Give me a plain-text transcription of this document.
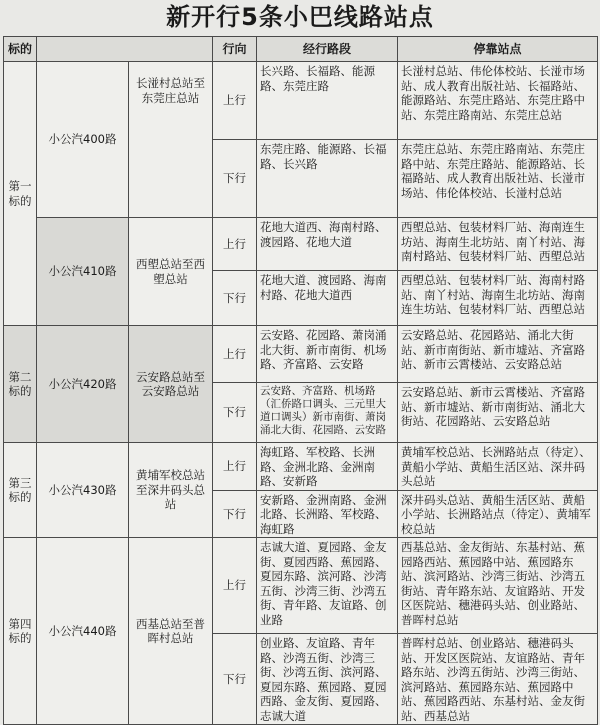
新开行5条小巴线路站点
标的			行向	经行路段	停靠站点
第一标的	小公汽400路	长湴村总站至东莞庄总站	上行	长兴路、长福路、能源路、东莞庄路	长湴村总站、伟伦体校站、长湴市场站、成人教育出版社站、长福路站、能源路站、东莞庄路站、东莞庄路中站、东莞庄路南站、东莞庄总站
			下行	东莞庄路、能源路、长福路、长兴路	东莞庄总站、东莞庄路南站、东莞庄路中站、东莞庄路站、能源路站、长福路站、成人教育出版社站、长湴市场站、伟伦体校站、长湴村总站
	小公汽410路	西塱总站至西塱总站	上行	花地大道西、海南村路、渡园路、花地大道	西塱总站、包装材料厂站、海南连生坊站、海南生北坊站、南丫村站、海南村路站、包装材料厂站、西塱总站
			下行	花地大道、渡园路、海南村路、花地大道西	西塱总站、包装材料厂站、海南村路站、南丫村站、海南生北坊站、海南连生坊站、包装材料厂站、西塱总站
第二标的	小公汽420路	云安路总站至云安路总站	上行	云安路、花园路、萧岗涌北大街、新市南街、机场路、齐富路、云安路	云安路总站、花园路站、涌北大街站、新市南街站、新市墟站、齐富路站、新市云霄楼站、云安路总站
			下行	云安路、齐富路、机场路（汇侨路口调头、三元里大道口调头）新市南街、萧岗涌北大街、花园路、云安路	云安路总站、新市云霄楼站、齐富路站、新市墟站、新市南街站、涌北大街站、花园路站、云安路总站
第三标的	小公汽430路	黄埔军校总站至深井码头总站	上行	海虹路、军校路、长洲路、金洲北路、金洲南路、安新路	黄埔军校总站、长洲路站点（待定）、黄船小学站、黄船生活区站、深井码头总站
			下行	安新路、金洲南路、金洲北路、长洲路、军校路、海虹路	深井码头总站、黄船生活区站、黄船小学站、长洲路站点（待定）、黄埔军校总站
第四标的	小公汽440路	西基总站至普晖村总站	上行	志诚大道、夏园路、金友街、夏园西路、蕉园路、夏园东路、滨河路、沙湾五街、沙湾三街、沙湾五街、青年路、友谊路、创业路	西基总站、金友街站、东基村站、蕉园路西站、蕉园路中站、蕉园路东站、滨河路站、沙湾三街站、沙湾五街站、青年路东站、友谊路站、开发区医院站、穗港码头站、创业路站、普晖村总站
			下行	创业路、友谊路、青年路、沙湾五街、沙湾三街、沙湾五街、滨河路、夏园东路、蕉园路、夏园西路、金友街、夏园路、志诚大道	普晖村总站、创业路站、穗港码头站、开发区医院站、友谊路站、青年路东站、沙湾五街站、沙湾三街站、滨河路站、蕉园路东站、蕉园路中站、蕉园路西站、东基村站、金友街站、西基总站
